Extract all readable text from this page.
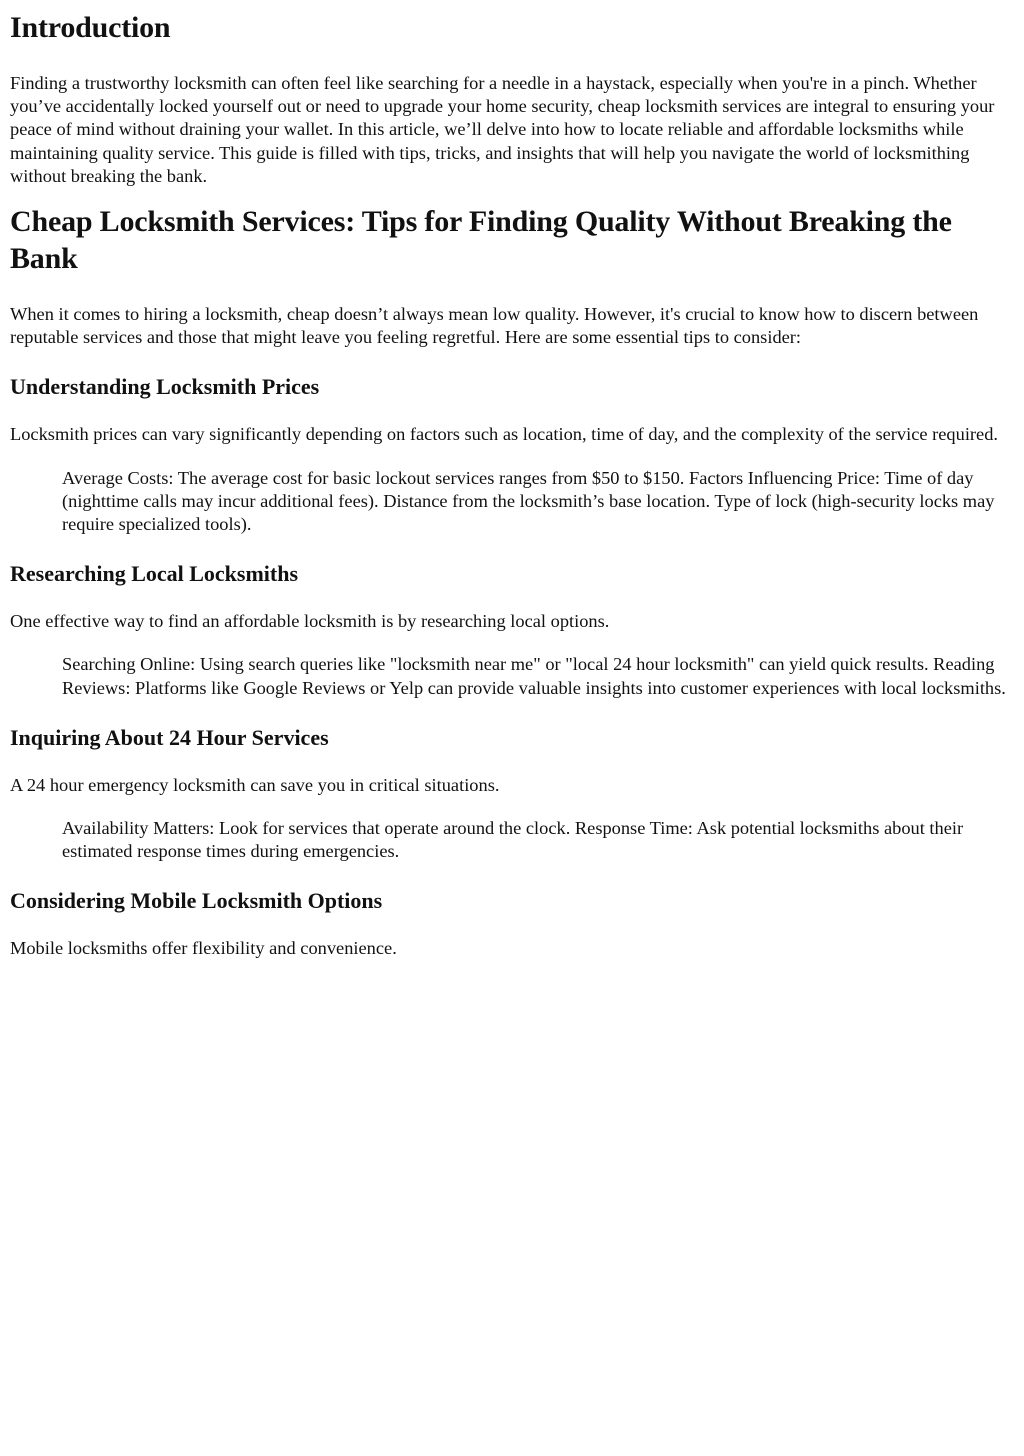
Introduction

Finding a trustworthy locksmith can often feel like searching for a needle in a haystack, especially when you're in a pinch. Whether you’ve accidentally locked yourself out or need to upgrade your home security, cheap locksmith services are integral to ensuring your peace of mind without draining your wallet. In this article, we’ll delve into how to locate reliable and affordable locksmiths while maintaining quality service. This guide is filled with tips, tricks, and insights that will help you navigate the world of locksmithing without breaking the bank.

Cheap Locksmith Services: Tips for Finding Quality Without Breaking the Bank

When it comes to hiring a locksmith, cheap doesn’t always mean low quality. However, it's crucial to know how to discern between reputable services and those that might leave you feeling regretful. Here are some essential tips to consider:

Understanding Locksmith Prices

Locksmith prices can vary significantly depending on factors such as location, time of day, and the complexity of the service required.

Average Costs: The average cost for basic lockout services ranges from $50 to $150. Factors Influencing Price: Time of day (nighttime calls may incur additional fees). Distance from the locksmith’s base location. Type of lock (high-security locks may require specialized tools).
Researching Local Locksmiths

One effective way to find an affordable locksmith is by researching local options.

Searching Online: Using search queries like "locksmith near me" or "local 24 hour locksmith" can yield quick results. Reading Reviews: Platforms like Google Reviews or Yelp can provide valuable insights into customer experiences with local locksmiths.
Inquiring About 24 Hour Services

A 24 hour emergency locksmith can save you in critical situations.

Availability Matters: Look for services that operate around the clock. Response Time: Ask potential locksmiths about their estimated response times during emergencies.
Considering Mobile Locksmith Options

Mobile locksmiths offer flexibility and convenience.
